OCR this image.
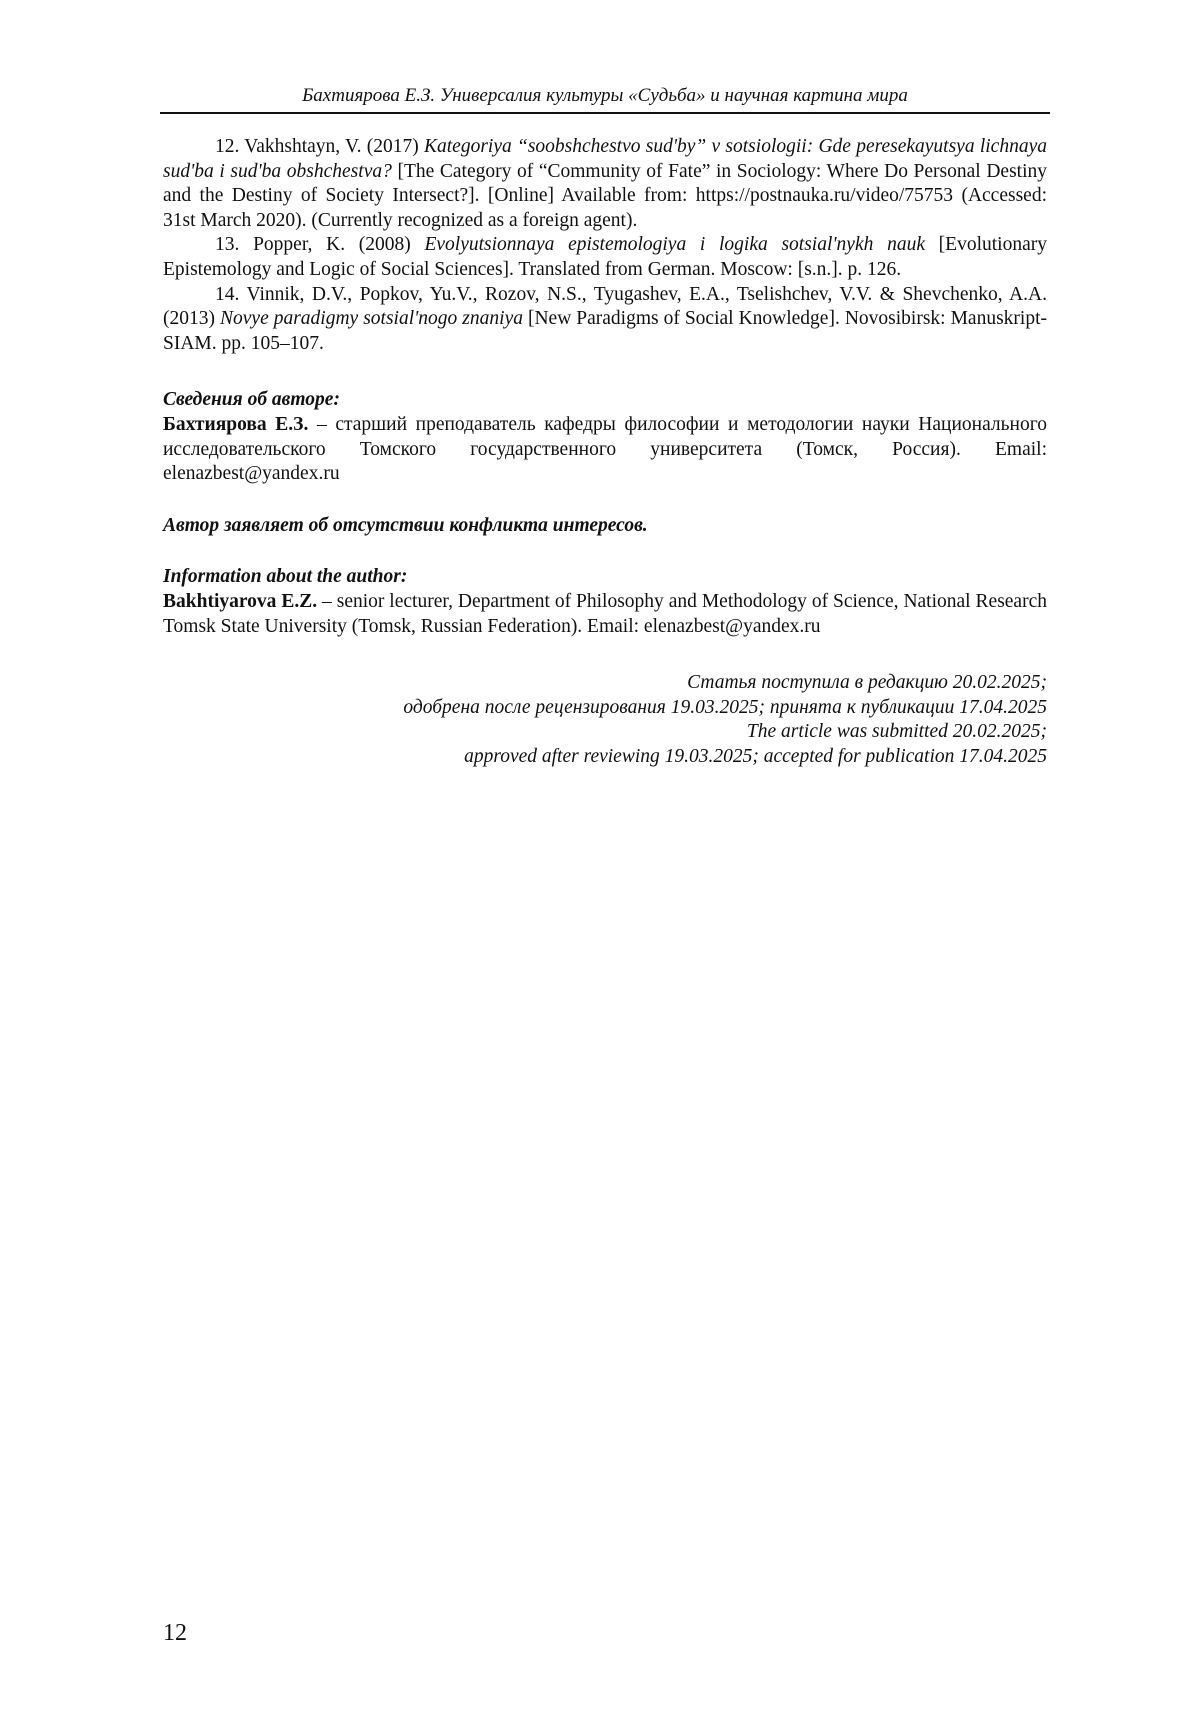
Бахтиярова Е.З. Универсалия культуры «Судьба» и научная картина мира

12. Vakhshtayn, V. (2017) Kategoriya “soobshchestvo sud'by” v sotsiologii: Gde peresekayutsya lichnaya sud'ba i sud'ba obshchestva? [The Category of “Community of Fate” in Sociology: Where Do Personal Destiny and the Destiny of Society Intersect?]. [Online] Available from: https://postnauka.ru/video/75753 (Accessed: 31st March 2020). (Currently recognized as a foreign agent).

13. Popper, K. (2008) Evolyutsionnaya epistemologiya i logika sotsial'nykh nauk [Evolutionary Epistemology and Logic of Social Sciences]. Translated from German. Moscow: [s.n.]. p. 126.

14. Vinnik, D.V., Popkov, Yu.V., Rozov, N.S., Tyugashev, E.A., Tselishchev, V.V. & Shevchenko, A.A. (2013) Novye paradigmy sotsial'nogo znaniya [New Paradigms of Social Knowledge]. Novosibirsk: Manuskript-SIAM. pp. 105–107.

Сведения об авторе:

Бахтиярова Е.З. – старший преподаватель кафедры философии и методологии науки Национального исследовательского Томского государственного университета (Томск, Россия). Email: elenazbest@yandex.ru

Автор заявляет об отсутствии конфликта интересов.

Information about the author:

Bakhtiyarova E.Z. – senior lecturer, Department of Philosophy and Methodology of Science, National Research Tomsk State University (Tomsk, Russian Federation). Email: elenazbest@yandex.ru

Статья поступила в редакцию 20.02.2025;

одобрена после рецензирования 19.03.2025; принята к публикации 17.04.2025

The article was submitted 20.02.2025;

approved after reviewing 19.03.2025; accepted for publication 17.04.2025

12
